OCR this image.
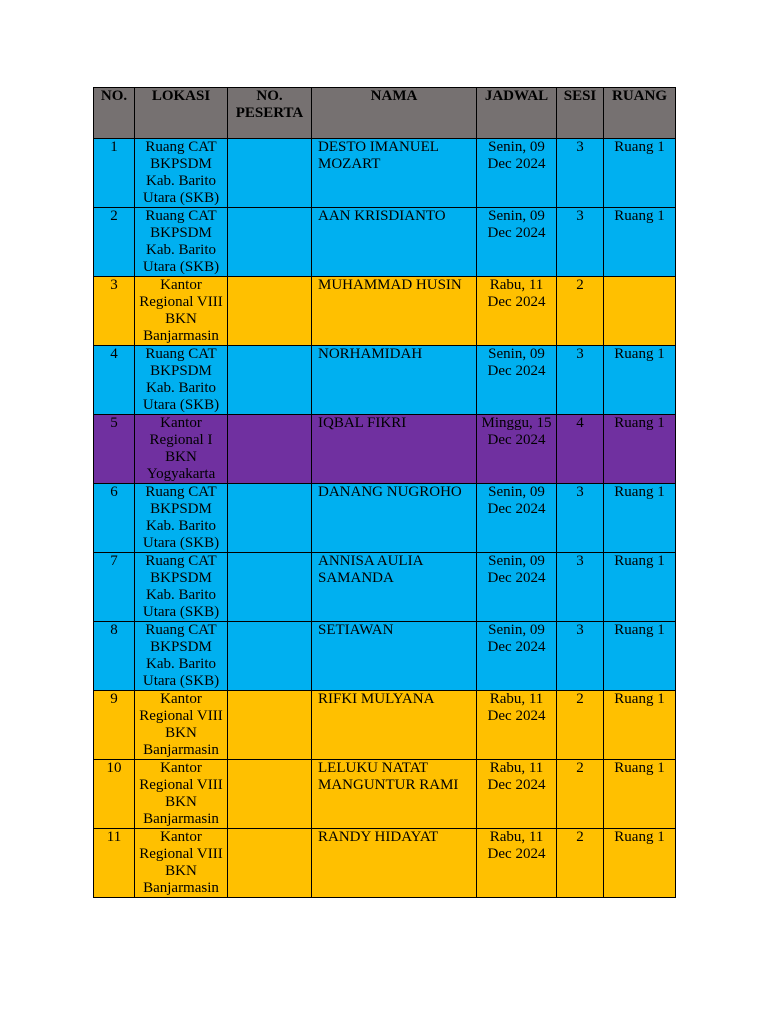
NO.	LOKASI	NO. PESERTA	NAMA	JADWAL	SESI	RUANG
1	Ruang CAT BKPSDM Kab. Barito Utara (SKB)		DESTO IMANUEL MOZART	Senin, 09 Dec 2024	3	Ruang 1
2	Ruang CAT BKPSDM Kab. Barito Utara (SKB)		AAN KRISDIANTO	Senin, 09 Dec 2024	3	Ruang 1
3	Kantor Regional VIII BKN Banjarmasin		MUHAMMAD HUSIN	Rabu, 11 Dec 2024	2	
4	Ruang CAT BKPSDM Kab. Barito Utara (SKB)		NORHAMIDAH	Senin, 09 Dec 2024	3	Ruang 1
5	Kantor Regional I BKN Yogyakarta		IQBAL FIKRI	Minggu, 15 Dec 2024	4	Ruang 1
6	Ruang CAT BKPSDM Kab. Barito Utara (SKB)		DANANG NUGROHO	Senin, 09 Dec 2024	3	Ruang 1
7	Ruang CAT BKPSDM Kab. Barito Utara (SKB)		ANNISA AULIA SAMANDA	Senin, 09 Dec 2024	3	Ruang 1
8	Ruang CAT BKPSDM Kab. Barito Utara (SKB)		SETIAWAN	Senin, 09 Dec 2024	3	Ruang 1
9	Kantor Regional VIII BKN Banjarmasin		RIFKI MULYANA	Rabu, 11 Dec 2024	2	Ruang 1
10	Kantor Regional VIII BKN Banjarmasin		LELUKU NATAT MANGUNTUR RAMI	Rabu, 11 Dec 2024	2	Ruang 1
11	Kantor Regional VIII BKN Banjarmasin		RANDY HIDAYAT	Rabu, 11 Dec 2024	2	Ruang 1
